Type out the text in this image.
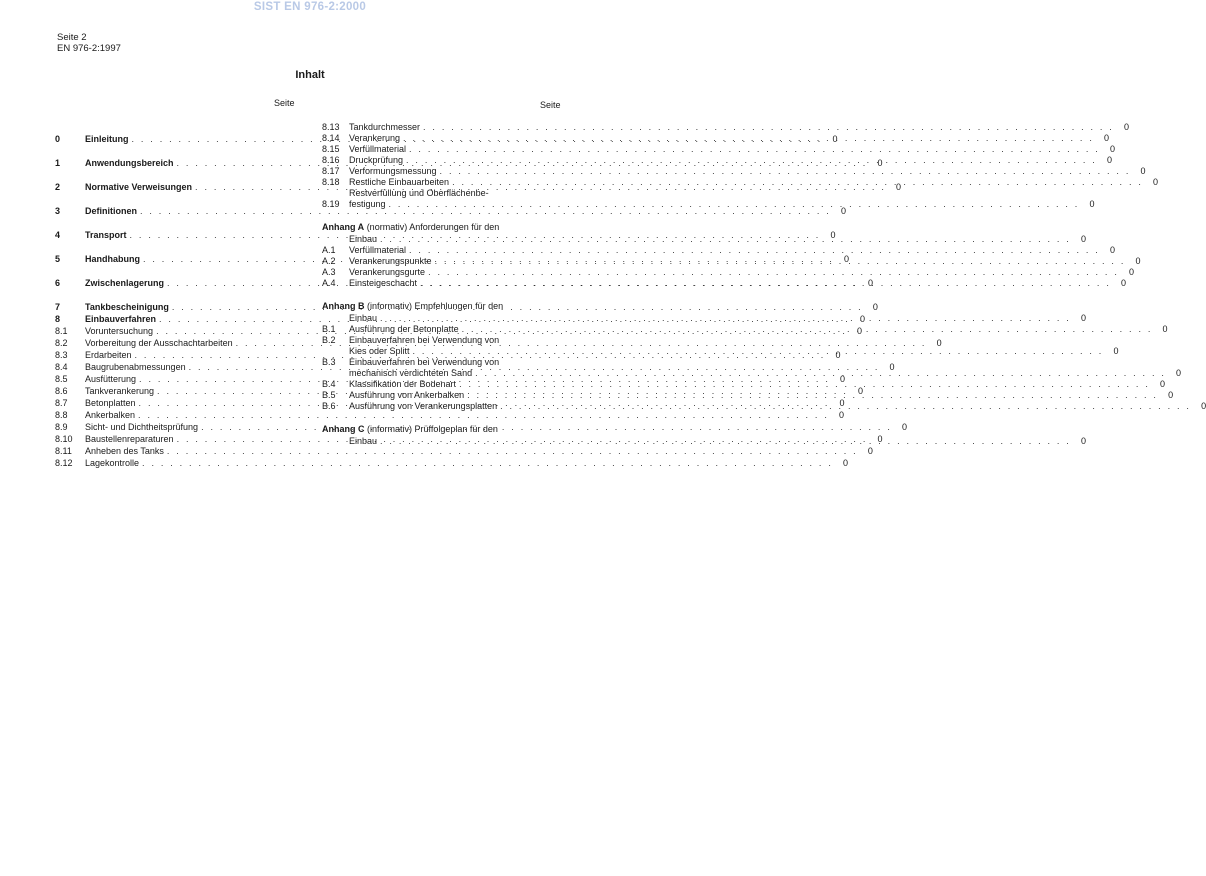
SIST EN 976-2:2000
Seite 2
EN 976-2:1997
Inhalt
Seite	Seite
0	Einleitung . . .	0
1	Anwendungsbereich . . .	0
2	Normative Verweisungen . . .	0
3	Definitionen . . .	0
4	Transport . . .	0
5	Handhabung . . .	0
6	Zwischenlagerung . . .	0
7	Tankbescheinigung . . .	0
8	Einbauverfahren . . .	0
8.1	Voruntersuchung . . .	0
8.2	Vorbereitung der Ausschachtarbeiten . . .	0
8.3	Erdarbeiten . . .	0
8.4	Baugrubenabmessungen . . .	0
8.5	Ausfütterung . . .	0
8.6	Tankverankerung . . .	0
8.7	Betonplatten . . .	0
8.8	Ankerbalken . . .	0
8.9	Sicht- und Dichtheitsprüfung . . .	0
8.10	Baustellenreparaturen . . .	0
8.11	Anheben des Tanks . . .	0
8.12	Lagekontrolle . . .	0
8.13	Tankdurchmesser . . .	0
8.14	Verankerung . . .	0
8.15	Verfüllmaterial . . .	0
8.16	Druckprüfung . . .	0
8.17	Verformungsmessung . . .	0
8.18	Restliche Einbauarbeiten . . .	0
8.19
Restverfüllung und Oberflächenbe-
festigung . . .	0
Anhang A (normativ) Anforderungen für den
Einbau . . .	0
A.1	Verfüllmaterial . . .	0
A.2	Verankerungspunkte . . .	0
A.3	Verankerungsgurte . . .	0
A.4	Einsteigeschacht . . .	0
Anhang B (informativ) Empfehlungen für den
Einbau . . .	0
B.1	Ausführung der Betonplatte . . .	0
B.2	Einbauverfahren bei Verwendung von
Kies oder Splitt . . .	0
B.3	Einbauverfahren bei Verwendung von
mechanisch verdichteten Sand . . .	0
B.4	Klassifikation der Bodenart . . .	0
B.5	Ausführung von Ankerbalken . . .	0
B.6	Ausführung von Verankerungsplatten . . .	0
Anhang C (informativ) Prüffolgeplan für den
Einbau . . .	0
